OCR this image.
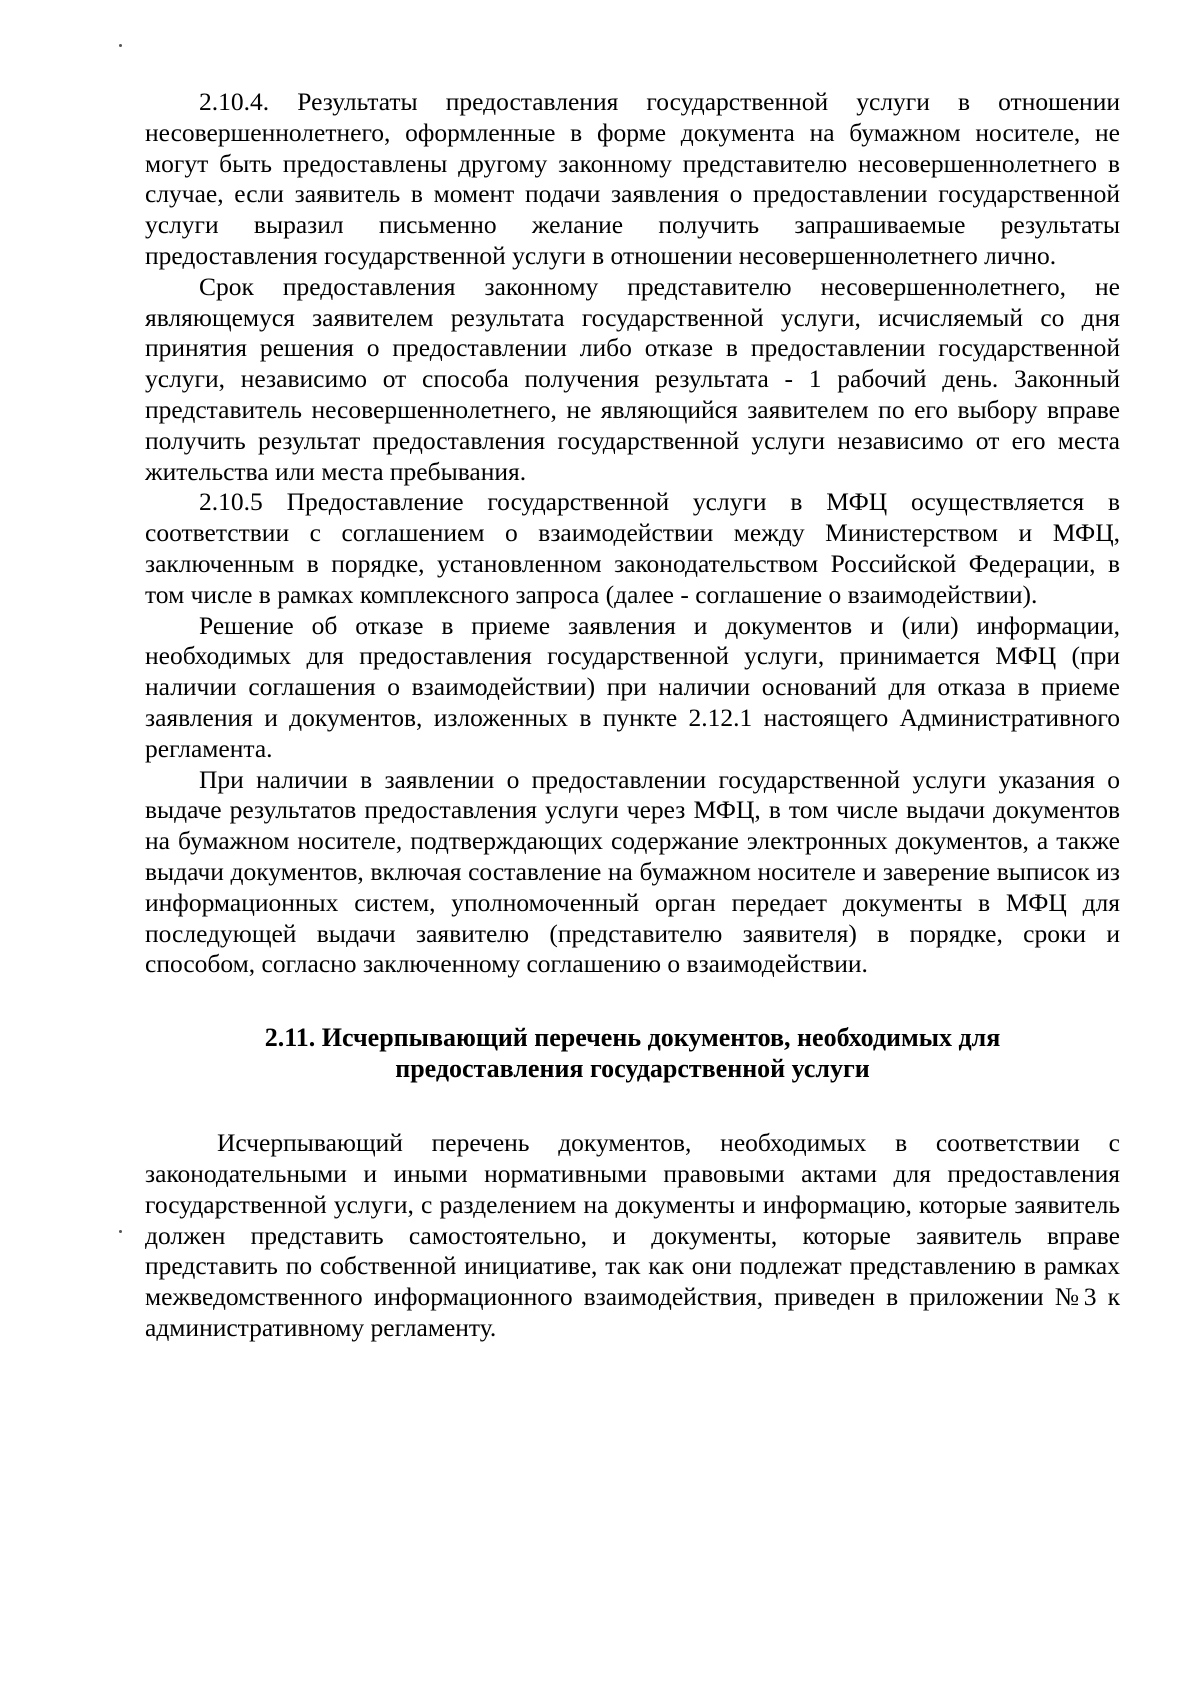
2.10.4. Результаты предоставления государственной услуги в отношении несовершеннолетнего, оформленные в форме документа на бумажном носителе, не могут быть предоставлены другому законному представителю несовершеннолетнего в случае, если заявитель в момент подачи заявления о предоставлении государственной услуги выразил письменно желание получить запрашиваемые результаты предоставления государственной услуги в отношении несовершеннолетнего лично.

Срок предоставления законному представителю несовершеннолетнего, не являющемуся заявителем результата государственной услуги, исчисляемый со дня принятия решения о предоставлении либо отказе в предоставлении государственной услуги, независимо от способа получения результата - 1 рабочий день. Законный представитель несовершеннолетнего, не являющийся заявителем по его выбору вправе получить результат предоставления государственной услуги независимо от его места жительства или места пребывания.

2.10.5 Предоставление государственной услуги в МФЦ осуществляется в соответствии с соглашением о взаимодействии между Министерством и МФЦ, заключенным в порядке, установленном законодательством Российской Федерации, в том числе в рамках комплексного запроса (далее - соглашение о взаимодействии).

Решение об отказе в приеме заявления и документов и (или) информации, необходимых для предоставления государственной услуги, принимается МФЦ (при наличии соглашения о взаимодействии) при наличии оснований для отказа в приеме заявления и документов, изложенных в пункте 2.12.1 настоящего Административного регламента.

При наличии в заявлении о предоставлении государственной услуги указания о выдаче результатов предоставления услуги через МФЦ, в том числе выдачи документов на бумажном носителе, подтверждающих содержание электронных документов, а также выдачи документов, включая составление на бумажном носителе и заверение выписок из информационных систем, уполномоченный орган передает документы в МФЦ для последующей выдачи заявителю (представителю заявителя) в порядке, сроки и способом, согласно заключенному соглашению о взаимодействии.

2.11. Исчерпывающий перечень документов, необходимых для
предоставления государственной услуги

Исчерпывающий перечень документов, необходимых в соответствии с законодательными и иными нормативными правовыми актами для предоставления государственной услуги, с разделением на документы и информацию, которые заявитель должен представить самостоятельно, и документы, которые заявитель вправе представить по собственной инициативе, так как они подлежат представлению в рамках межведомственного информационного взаимодействия, приведен в приложении №3 к административному регламенту.
